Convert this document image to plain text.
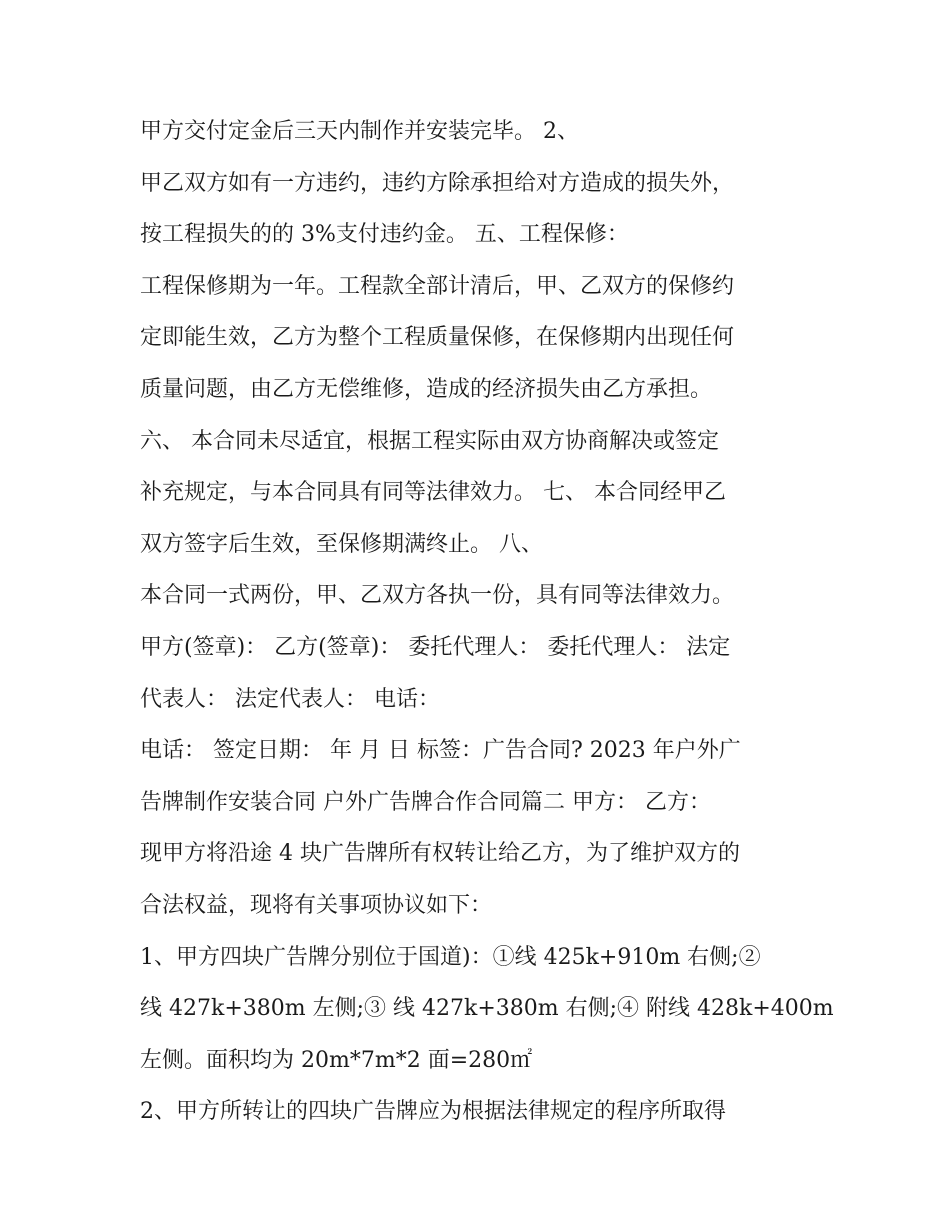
甲方交付定金后三天内制作并安装完毕。 2、
甲乙双方如有一方违约，违约方除承担给对方造成的损失外，
按工程损失的的 3%支付违约金。 五、工程保修：
工程保修期为一年。工程款全部计清后，甲、乙双方的保修约
定即能生效，乙方为整个工程质量保修，在保修期内出现任何
质量问题，由乙方无偿维修，造成的经济损失由乙方承担。
六、 本合同未尽适宜，根据工程实际由双方协商解决或签定
补充规定，与本合同具有同等法律效力。 七、 本合同经甲乙
双方签字后生效，至保修期满终止。 八、
本合同一式两份，甲、乙双方各执一份，具有同等法律效力。
甲方(签章)： 乙方(签章)： 委托代理人： 委托代理人： 法定
代表人： 法定代表人： 电话：
电话： 签定日期： 年 月 日 标签：广告合同? 2023 年户外广
告牌制作安装合同 户外广告牌合作合同篇二 甲方： 乙方：
现甲方将沿途 4 块广告牌所有权转让给乙方，为了维护双方的
合法权益，现将有关事项协议如下：
1、甲方四块广告牌分别位于国道)：①线 425k+910m 右侧;②
线 427k+380m 左侧;③ 线 427k+380m 右侧;④ 附线 428k+400m
左侧。面积均为 20m*7m*2 面=280㎡
2、甲方所转让的四块广告牌应为根据法律规定的程序所取得
